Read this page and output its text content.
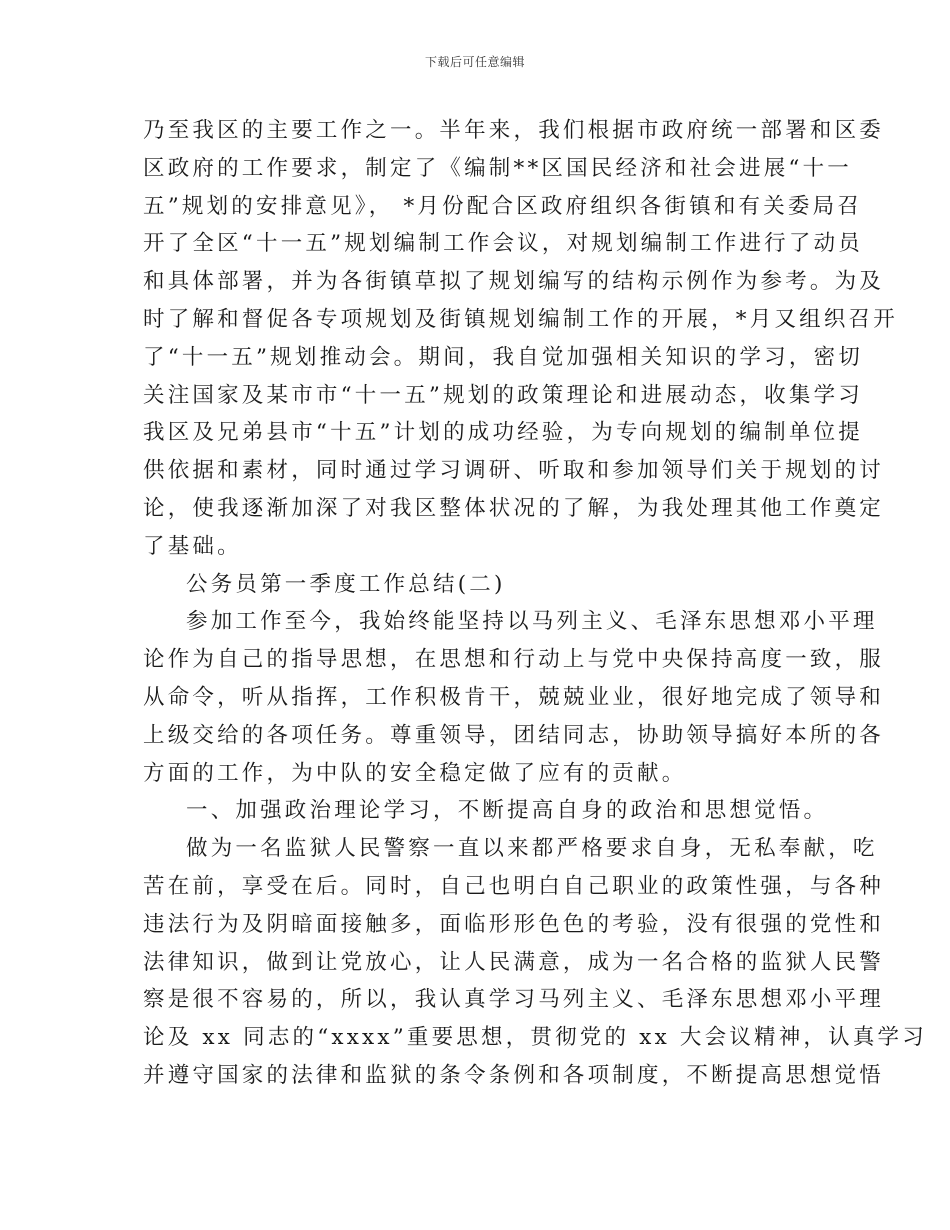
下载后可任意编辑
乃至我区的主要工作之一。半年来，我们根据市政府统一部署和区委
区政府的工作要求，制定了《编制**区国民经济和社会进展“十一
五”规划的安排意见》， *月份配合区政府组织各街镇和有关委局召
开了全区“十一五”规划编制工作会议，对规划编制工作进行了动员
和具体部署，并为各街镇草拟了规划编写的结构示例作为参考。为及
时了解和督促各专项规划及街镇规划编制工作的开展，*月又组织召开
了“十一五”规划推动会。期间，我自觉加强相关知识的学习，密切
关注国家及某市市“十一五”规划的政策理论和进展动态，收集学习
我区及兄弟县市“十五”计划的成功经验，为专向规划的编制单位提
供依据和素材，同时通过学习调研、听取和参加领导们关于规划的讨
论，使我逐渐加深了对我区整体状况的了解，为我处理其他工作奠定
了基础。
公务员第一季度工作总结(二)
参加工作至今，我始终能坚持以马列主义、毛泽东思想邓小平理
论作为自己的指导思想，在思想和行动上与党中央保持高度一致，服
从命令，听从指挥，工作积极肯干，兢兢业业，很好地完成了领导和
上级交给的各项任务。尊重领导，团结同志，协助领导搞好本所的各
方面的工作，为中队的安全稳定做了应有的贡献。
一、加强政治理论学习，不断提高自身的政治和思想觉悟。
做为一名监狱人民警察一直以来都严格要求自身，无私奉献，吃
苦在前，享受在后。同时，自己也明白自己职业的政策性强，与各种
违法行为及阴暗面接触多，面临形形色色的考验，没有很强的党性和
法律知识，做到让党放心，让人民满意，成为一名合格的监狱人民警
察是很不容易的，所以，我认真学习马列主义、毛泽东思想邓小平理
论及 xx 同志的“xxxx”重要思想，贯彻党的 xx 大会议精神，认真学习
并遵守国家的法律和监狱的条令条例和各项制度，不断提高思想觉悟
